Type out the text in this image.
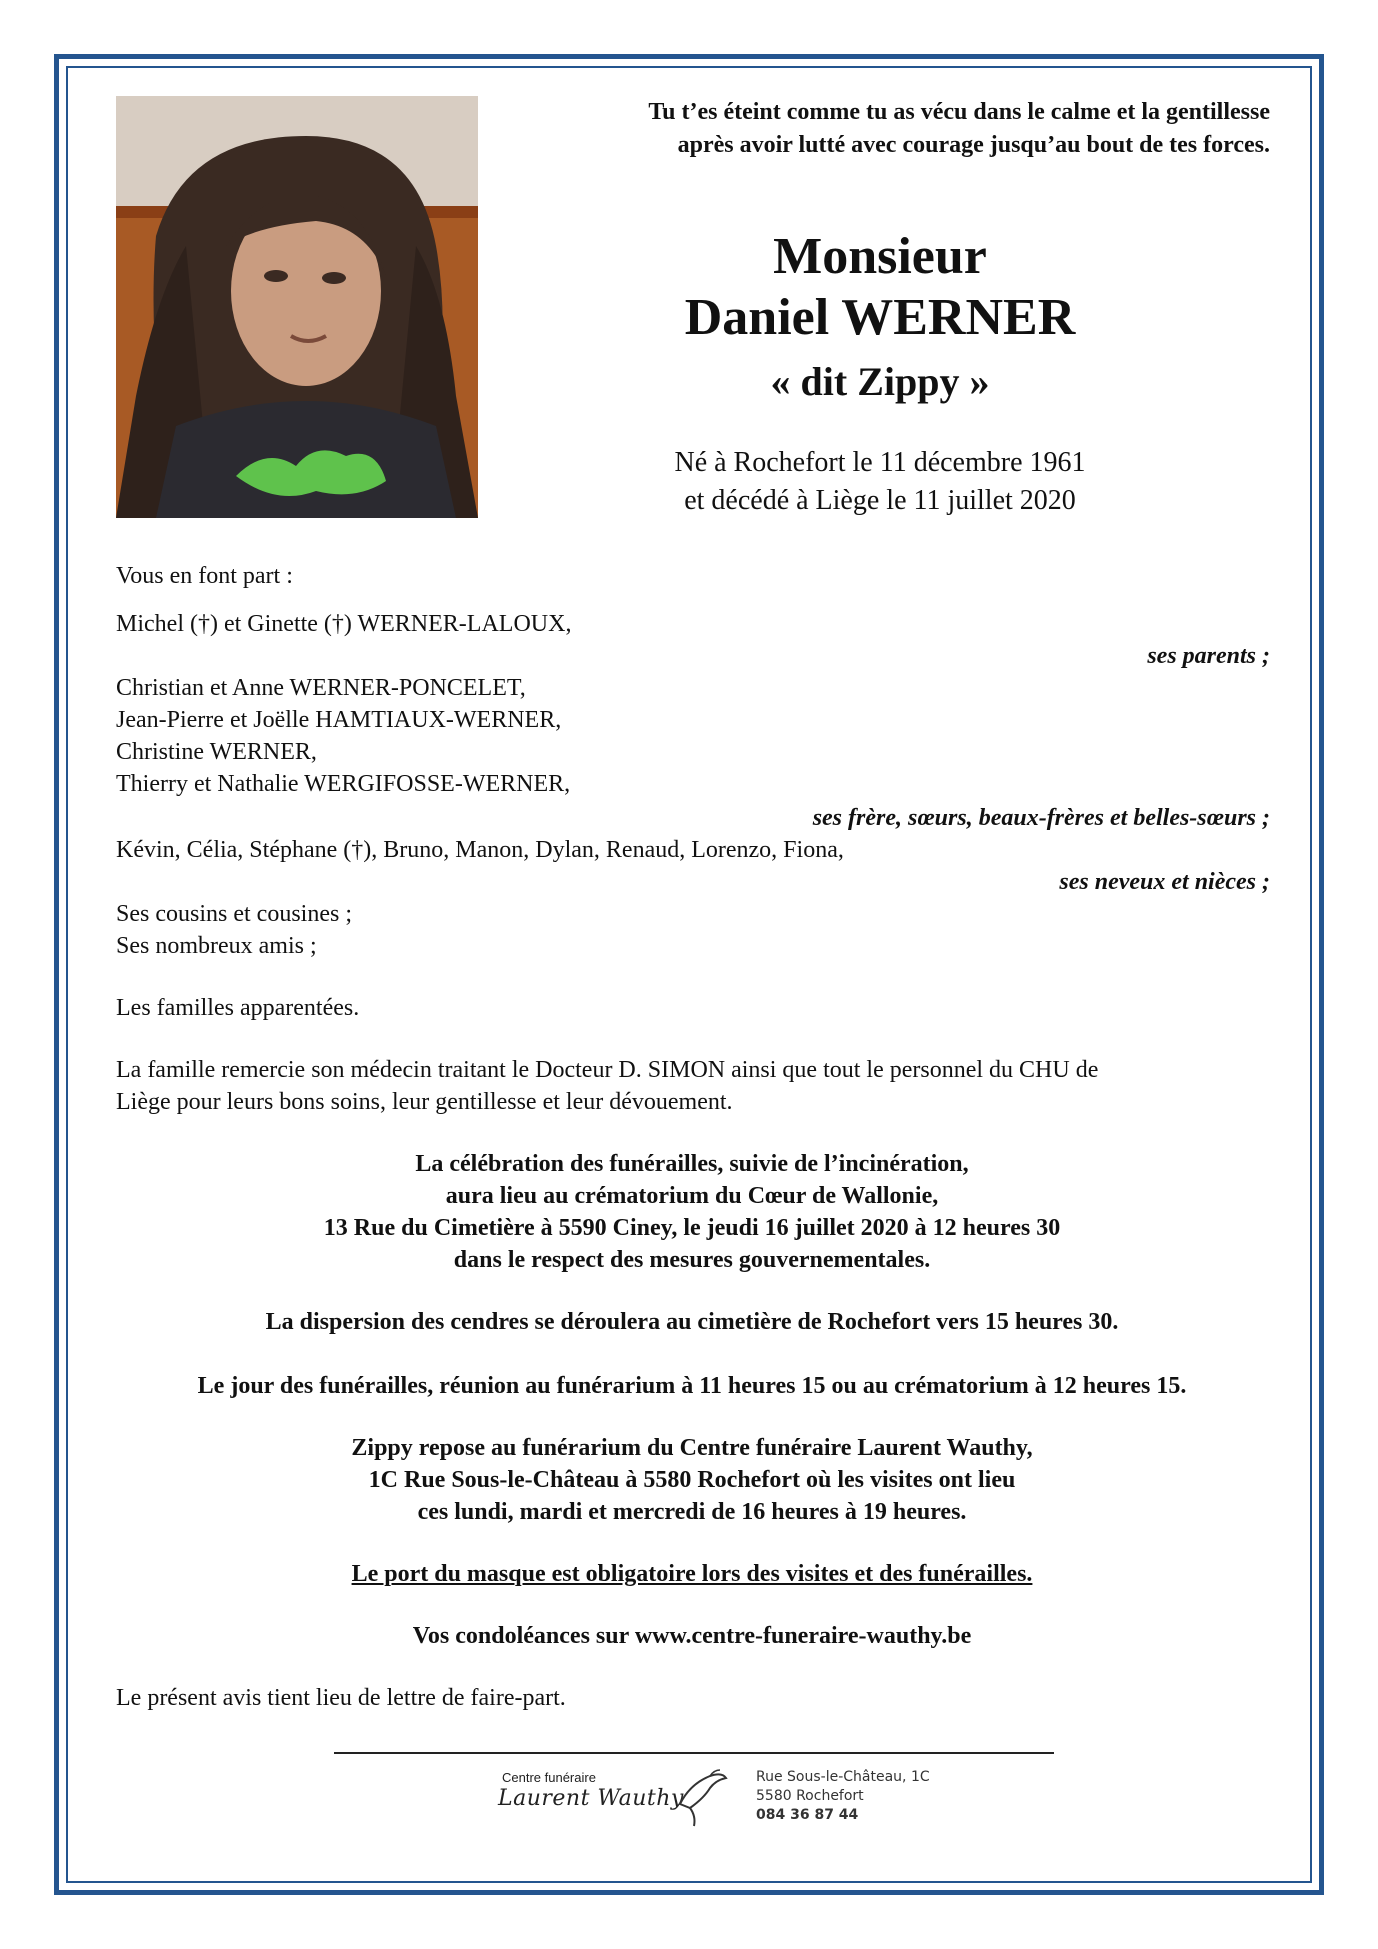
Tu t’es éteint comme tu as vécu dans le calme et la gentillesse
après avoir lutté avec courage jusqu’au bout de tes forces.
Monsieur
Daniel WERNER
« dit Zippy »
Né à Rochefort le 11 décembre 1961
et décédé à Liège le 11 juillet 2020
Vous en font part :
Michel (†) et Ginette (†) WERNER-LALOUX,
ses parents ;
Christian et Anne WERNER-PONCELET,
Jean-Pierre et Joëlle HAMTIAUX-WERNER,
Christine WERNER,
Thierry et Nathalie WERGIFOSSE-WERNER,
ses frère, sœurs, beaux-frères et belles-sœurs ;
Kévin, Célia, Stéphane (†), Bruno, Manon, Dylan, Renaud, Lorenzo, Fiona,
ses neveux et nièces ;
Ses cousins et cousines ;
Ses nombreux amis ;
Les familles apparentées.
La famille remercie son médecin traitant le Docteur D. SIMON ainsi que tout le personnel du CHU de
Liège pour leurs bons soins, leur gentillesse et leur dévouement.
La célébration des funérailles, suivie de l’incinération,
aura lieu au crématorium du Cœur de Wallonie,
13 Rue du Cimetière à 5590 Ciney, le jeudi 16 juillet 2020 à 12 heures 30
dans le respect des mesures gouvernementales.
La dispersion des cendres se déroulera au cimetière de Rochefort vers 15 heures 30.
Le jour des funérailles, réunion au funérarium à 11 heures 15 ou au crématorium à 12 heures 15.
Zippy repose au funérarium du Centre funéraire Laurent Wauthy,
1C Rue Sous-le-Château à 5580 Rochefort où les visites ont lieu
ces lundi, mardi et mercredi de 16 heures à 19 heures.
Le port du masque est obligatoire lors des visites et des funérailles.
Vos condoléances sur www.centre-funeraire-wauthy.be
Le présent avis tient lieu de lettre de faire-part.
Centre funéraire
Laurent Wauthy
Rue Sous-le-Château, 1C
5580 Rochefort
084 36 87 44
